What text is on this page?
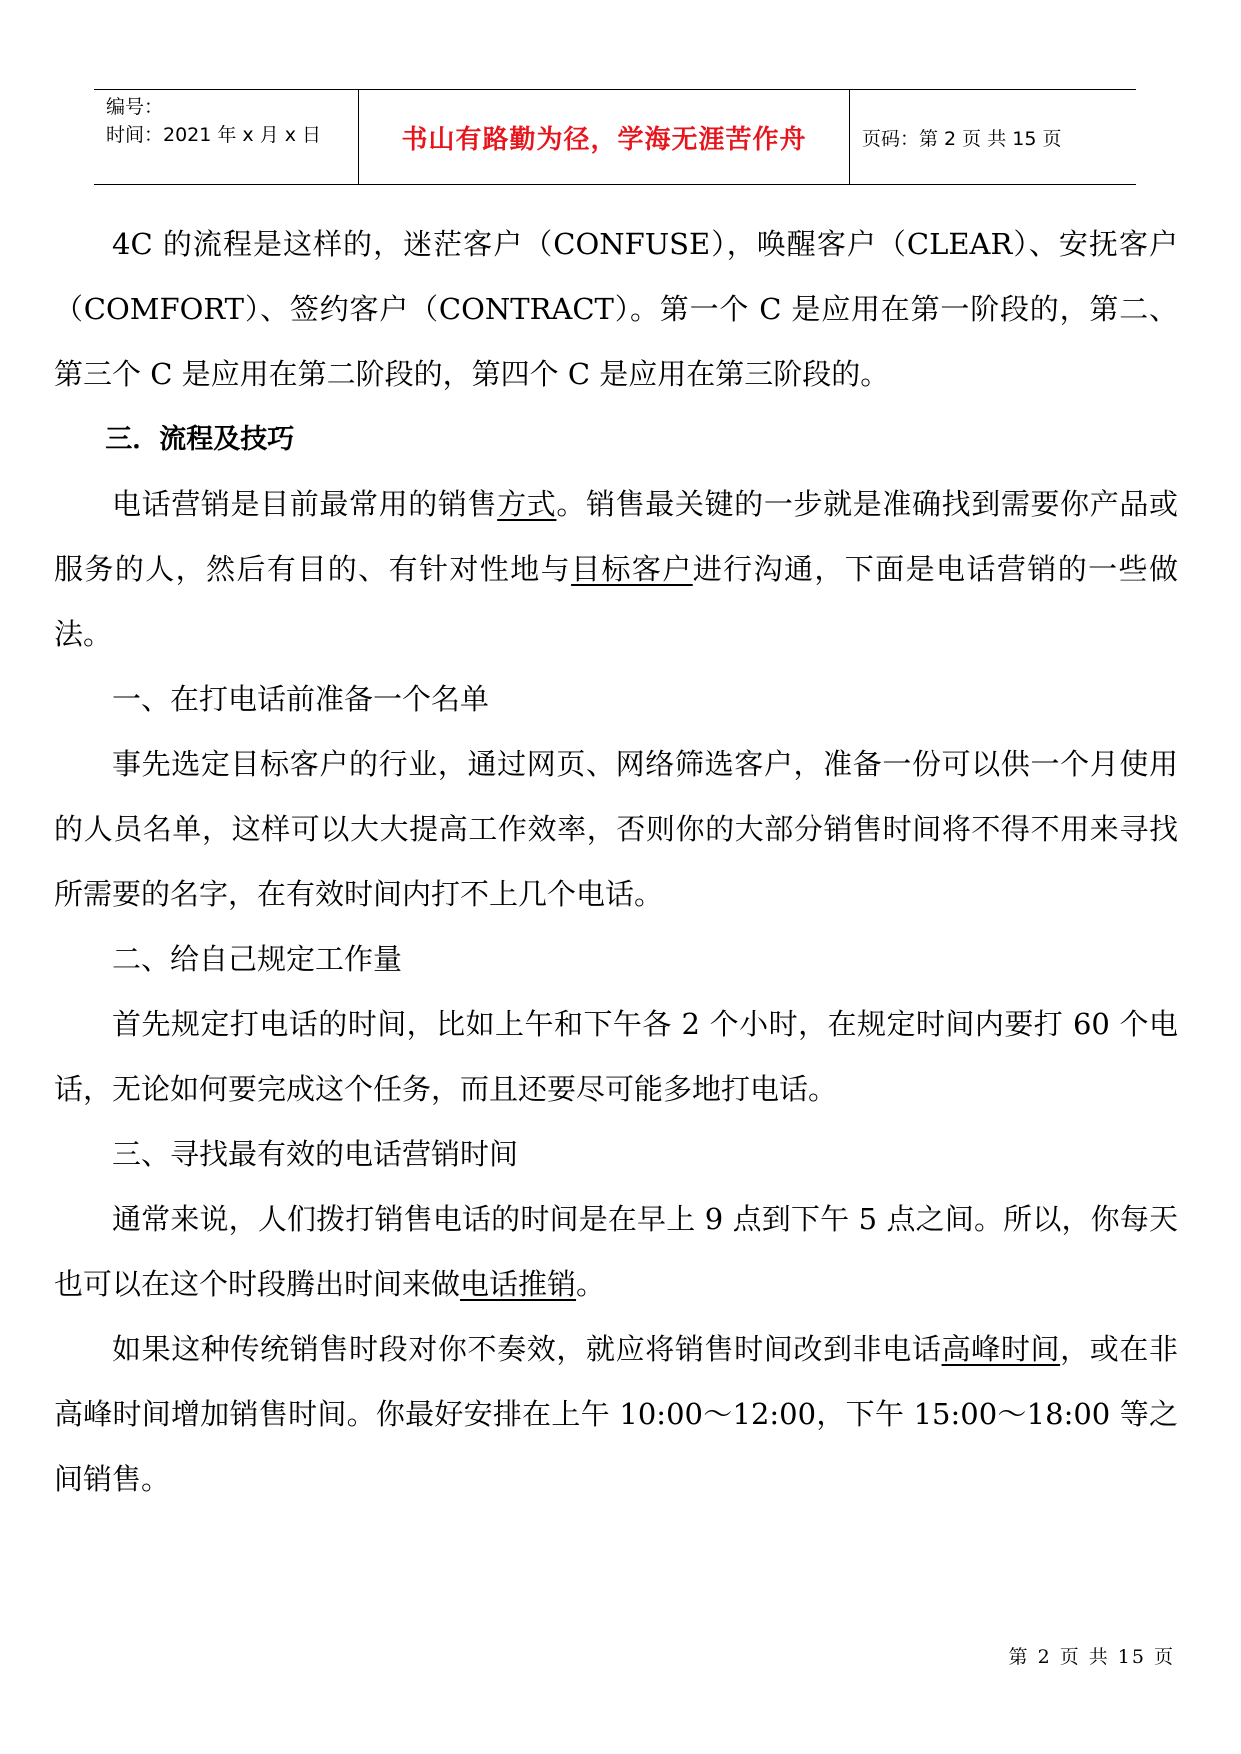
编号：
时间：2021 年 x 月 x 日	书山有路勤为径，学海无涯苦作舟	页码：第 2 页 共 15 页

4C 的流程是这样的，迷茫客户（CONFUSE），唤醒客户（CLEAR）、安抚客户（COMFORT）、签约客户（CONTRACT）。第一个 C 是应用在第一阶段的，第二、第三个 C 是应用在第二阶段的，第四个 C 是应用在第三阶段的。

三．流程及技巧

电话营销是目前最常用的销售方式。销售最关键的一步就是准确找到需要你产品或服务的人，然后有目的、有针对性地与目标客户进行沟通，下面是电话营销的一些做法。

一、在打电话前准备一个名单

事先选定目标客户的行业，通过网页、网络筛选客户，准备一份可以供一个月使用的人员名单，这样可以大大提高工作效率，否则你的大部分销售时间将不得不用来寻找所需要的名字，在有效时间内打不上几个电话。

二、给自己规定工作量

首先规定打电话的时间，比如上午和下午各 2 个小时，在规定时间内要打 60 个电话，无论如何要完成这个任务，而且还要尽可能多地打电话。

三、寻找最有效的电话营销时间

通常来说，人们拨打销售电话的时间是在早上 9 点到下午 5 点之间。所以，你每天也可以在这个时段腾出时间来做电话推销。

如果这种传统销售时段对你不奏效，就应将销售时间改到非电话高峰时间，或在非高峰时间增加销售时间。你最好安排在上午 10:00～12:00，下午 15:00～18:00 等之间销售。

第 2 页 共 15 页
